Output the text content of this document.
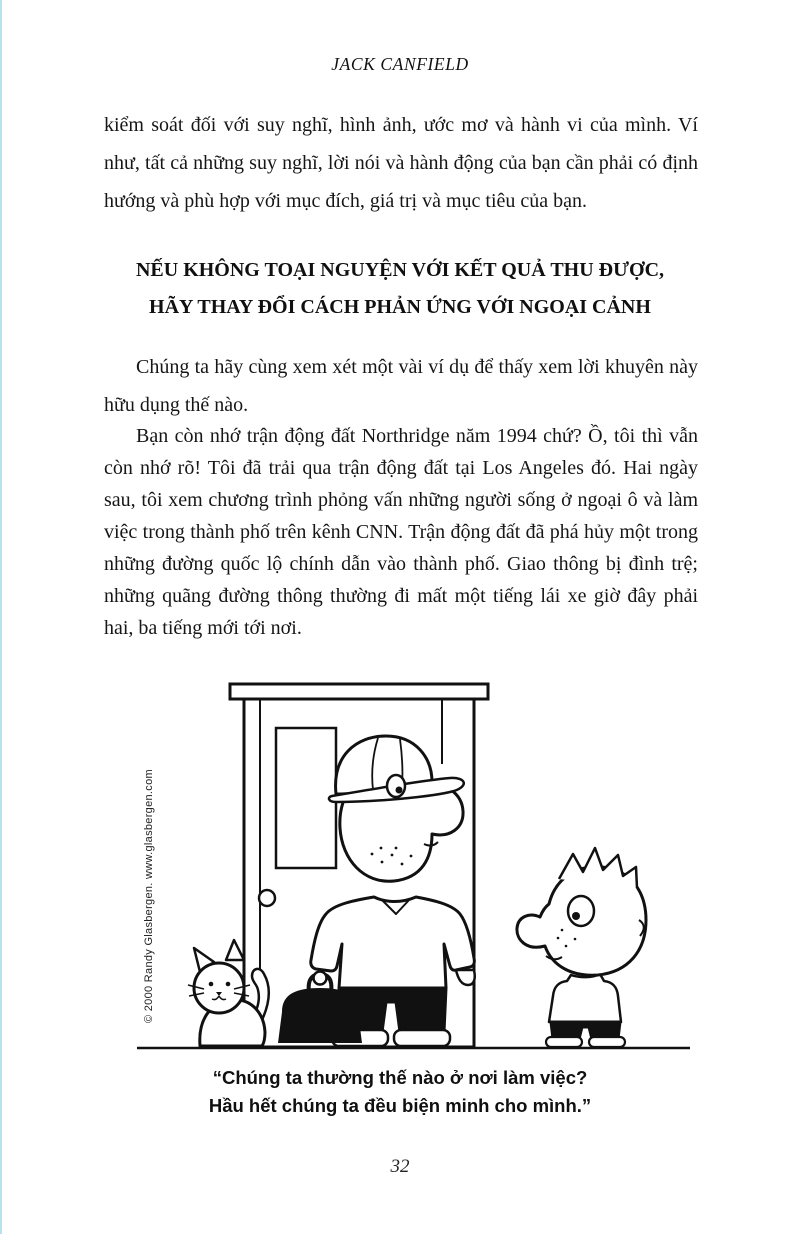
JACK CANFIELD

kiểm soát đối với suy nghĩ, hình ảnh, ước mơ và hành vi của mình. Ví như, tất cả những suy nghĩ, lời nói và hành động của bạn cần phải có định hướng và phù hợp với mục đích, giá trị và mục tiêu của bạn.

NẾU KHÔNG TOẠI NGUYỆN VỚI KẾT QUẢ THU ĐƯỢC,
HÃY THAY ĐỔI CÁCH PHẢN ỨNG VỚI NGOẠI CẢNH

Chúng ta hãy cùng xem xét một vài ví dụ để thấy xem lời khuyên này hữu dụng thế nào.

Bạn còn nhớ trận động đất Northridge năm 1994 chứ? Ồ, tôi thì vẫn còn nhớ rõ! Tôi đã trải qua trận động đất tại Los Angeles đó. Hai ngày sau, tôi xem chương trình phỏng vấn những người sống ở ngoại ô và làm việc trong thành phố trên kênh CNN. Trận động đất đã phá hủy một trong những đường quốc lộ chính dẫn vào thành phố. Giao thông bị đình trệ; những quãng đường thông thường đi mất một tiếng lái xe giờ đây phải hai, ba tiếng mới tới nơi.

© 2000 Randy Glasbergen. www.glasbergen.com
“Chúng ta thường thế nào ở nơi làm việc?
Hầu hết chúng ta đều biện minh cho mình.”
32
